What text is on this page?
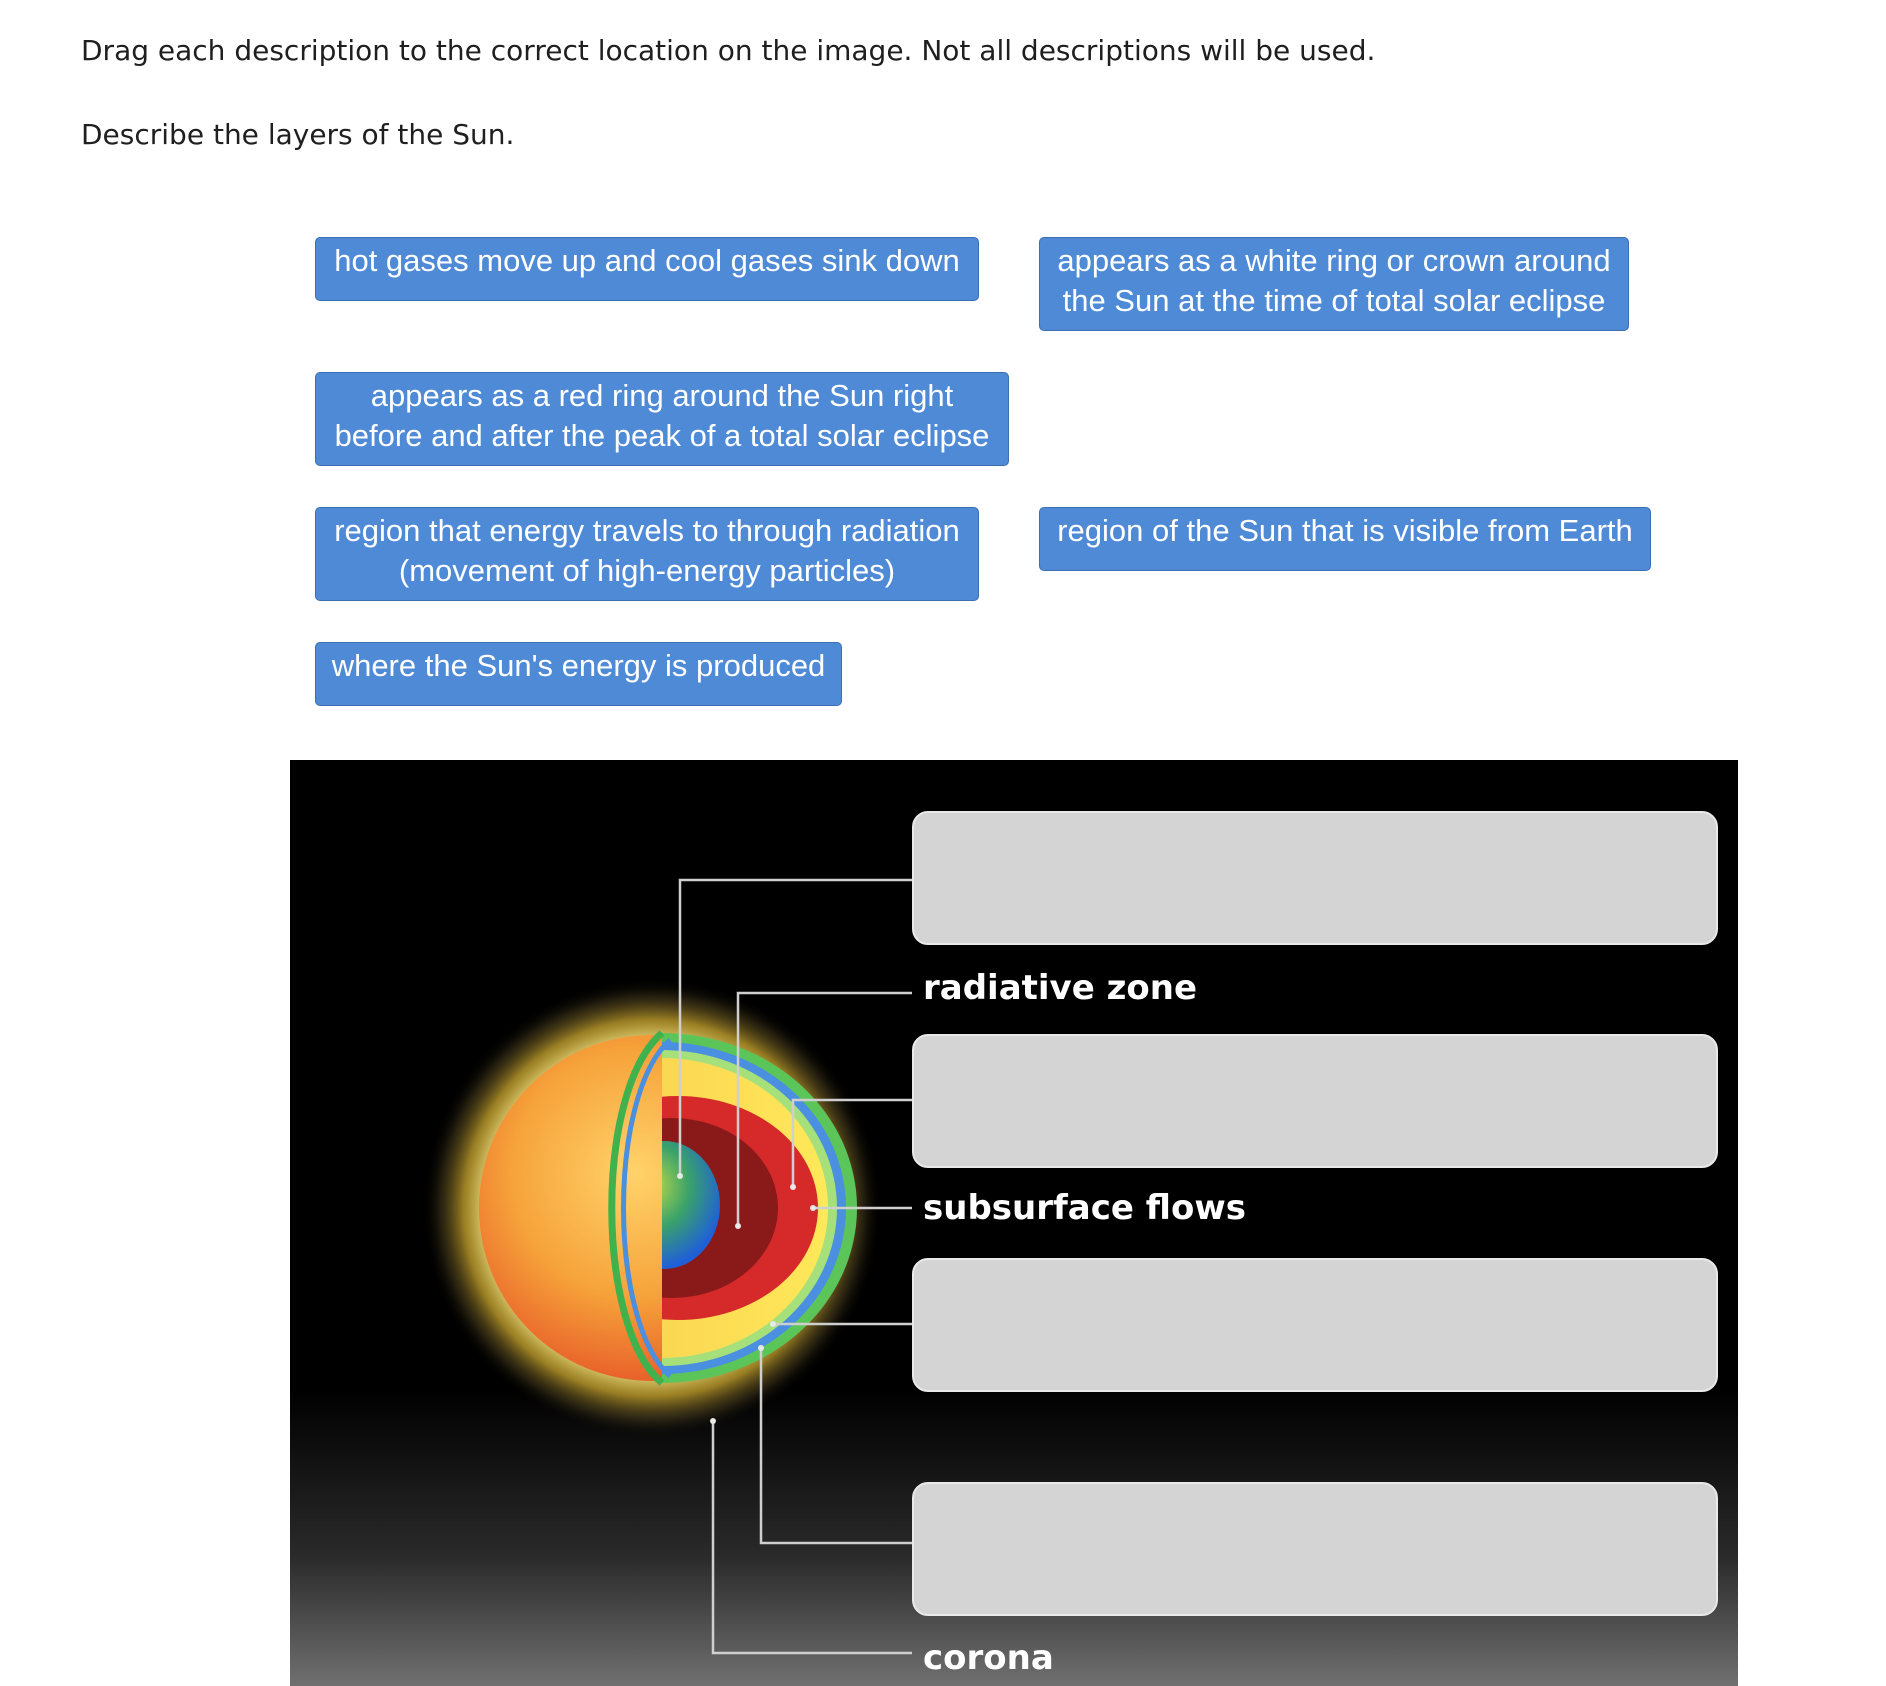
Drag each description to the correct location on the image. Not all descriptions will be used.
Describe the layers of the Sun.
hot gases move up and cool gases sink down	appears as a white ring or crown around
the Sun at the time of total solar eclipse
appears as a red ring around the Sun right
before and after the peak of a total solar eclipse
region that energy travels to through radiation
(movement of high-energy particles)
region of the Sun that is visible from Earth
where the Sun's energy is produced
radiative zone
subsurface flows
corona
